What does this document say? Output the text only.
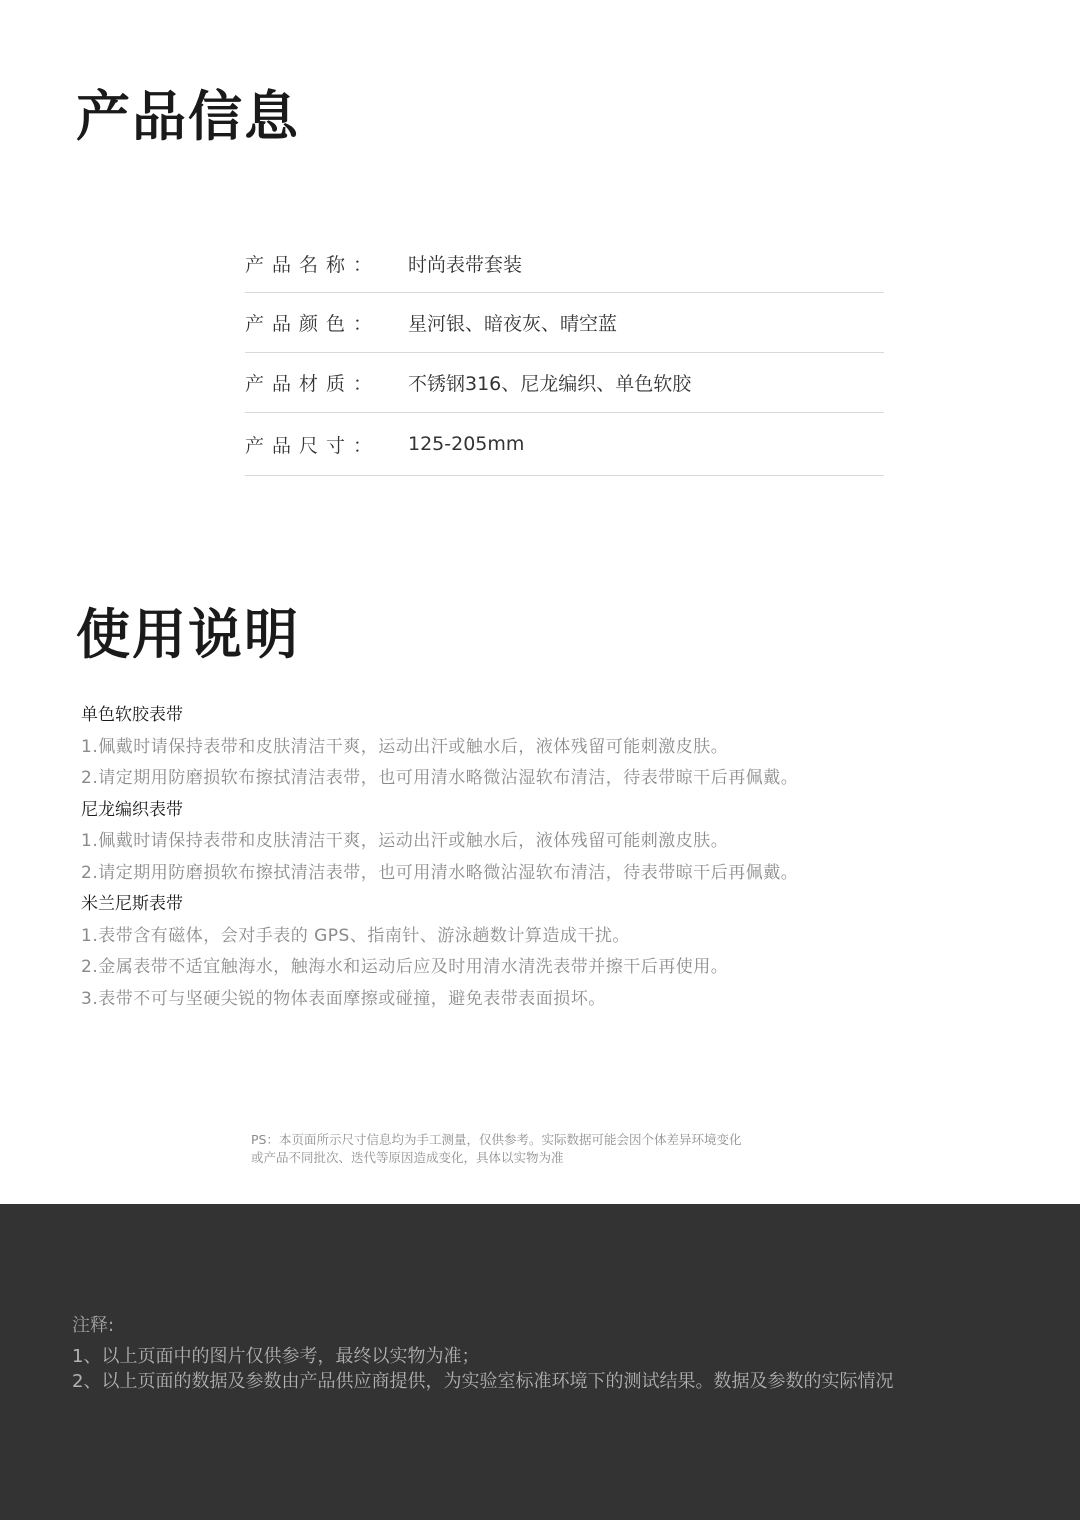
产品信息
产品名称：	时尚表带套装
产品颜色：	星河银、暗夜灰、晴空蓝
产品材质：	不锈钢316、尼龙编织、单色软胶
产品尺寸：	125-205mm
使用说明
单色软胶表带
1.佩戴时请保持表带和皮肤清洁干爽，运动出汗或触水后，液体残留可能刺激皮肤。
2.请定期用防磨损软布擦拭清洁表带，也可用清水略微沾湿软布清洁，待表带晾干后再佩戴。
尼龙编织表带
1.佩戴时请保持表带和皮肤清洁干爽，运动出汗或触水后，液体残留可能刺激皮肤。
2.请定期用防磨损软布擦拭清洁表带，也可用清水略微沾湿软布清洁，待表带晾干后再佩戴。
米兰尼斯表带
1.表带含有磁体，会对手表的 GPS、指南针、游泳趟数计算造成干扰。
2.金属表带不适宜触海水，触海水和运动后应及时用清水清洗表带并擦干后再使用。
3.表带不可与坚硬尖锐的物体表面摩擦或碰撞，避免表带表面损坏。
PS：本页面所示尺寸信息均为手工测量，仅供参考。实际数据可能会因个体差异环境变化
或产品不同批次、迭代等原因造成变化，具体以实物为准
注释:
1、以上页面中的图片仅供参考，最终以实物为准；
2、以上页面的数据及参数由产品供应商提供，为实验室标准环境下的测试结果。数据及参数的实际情况
